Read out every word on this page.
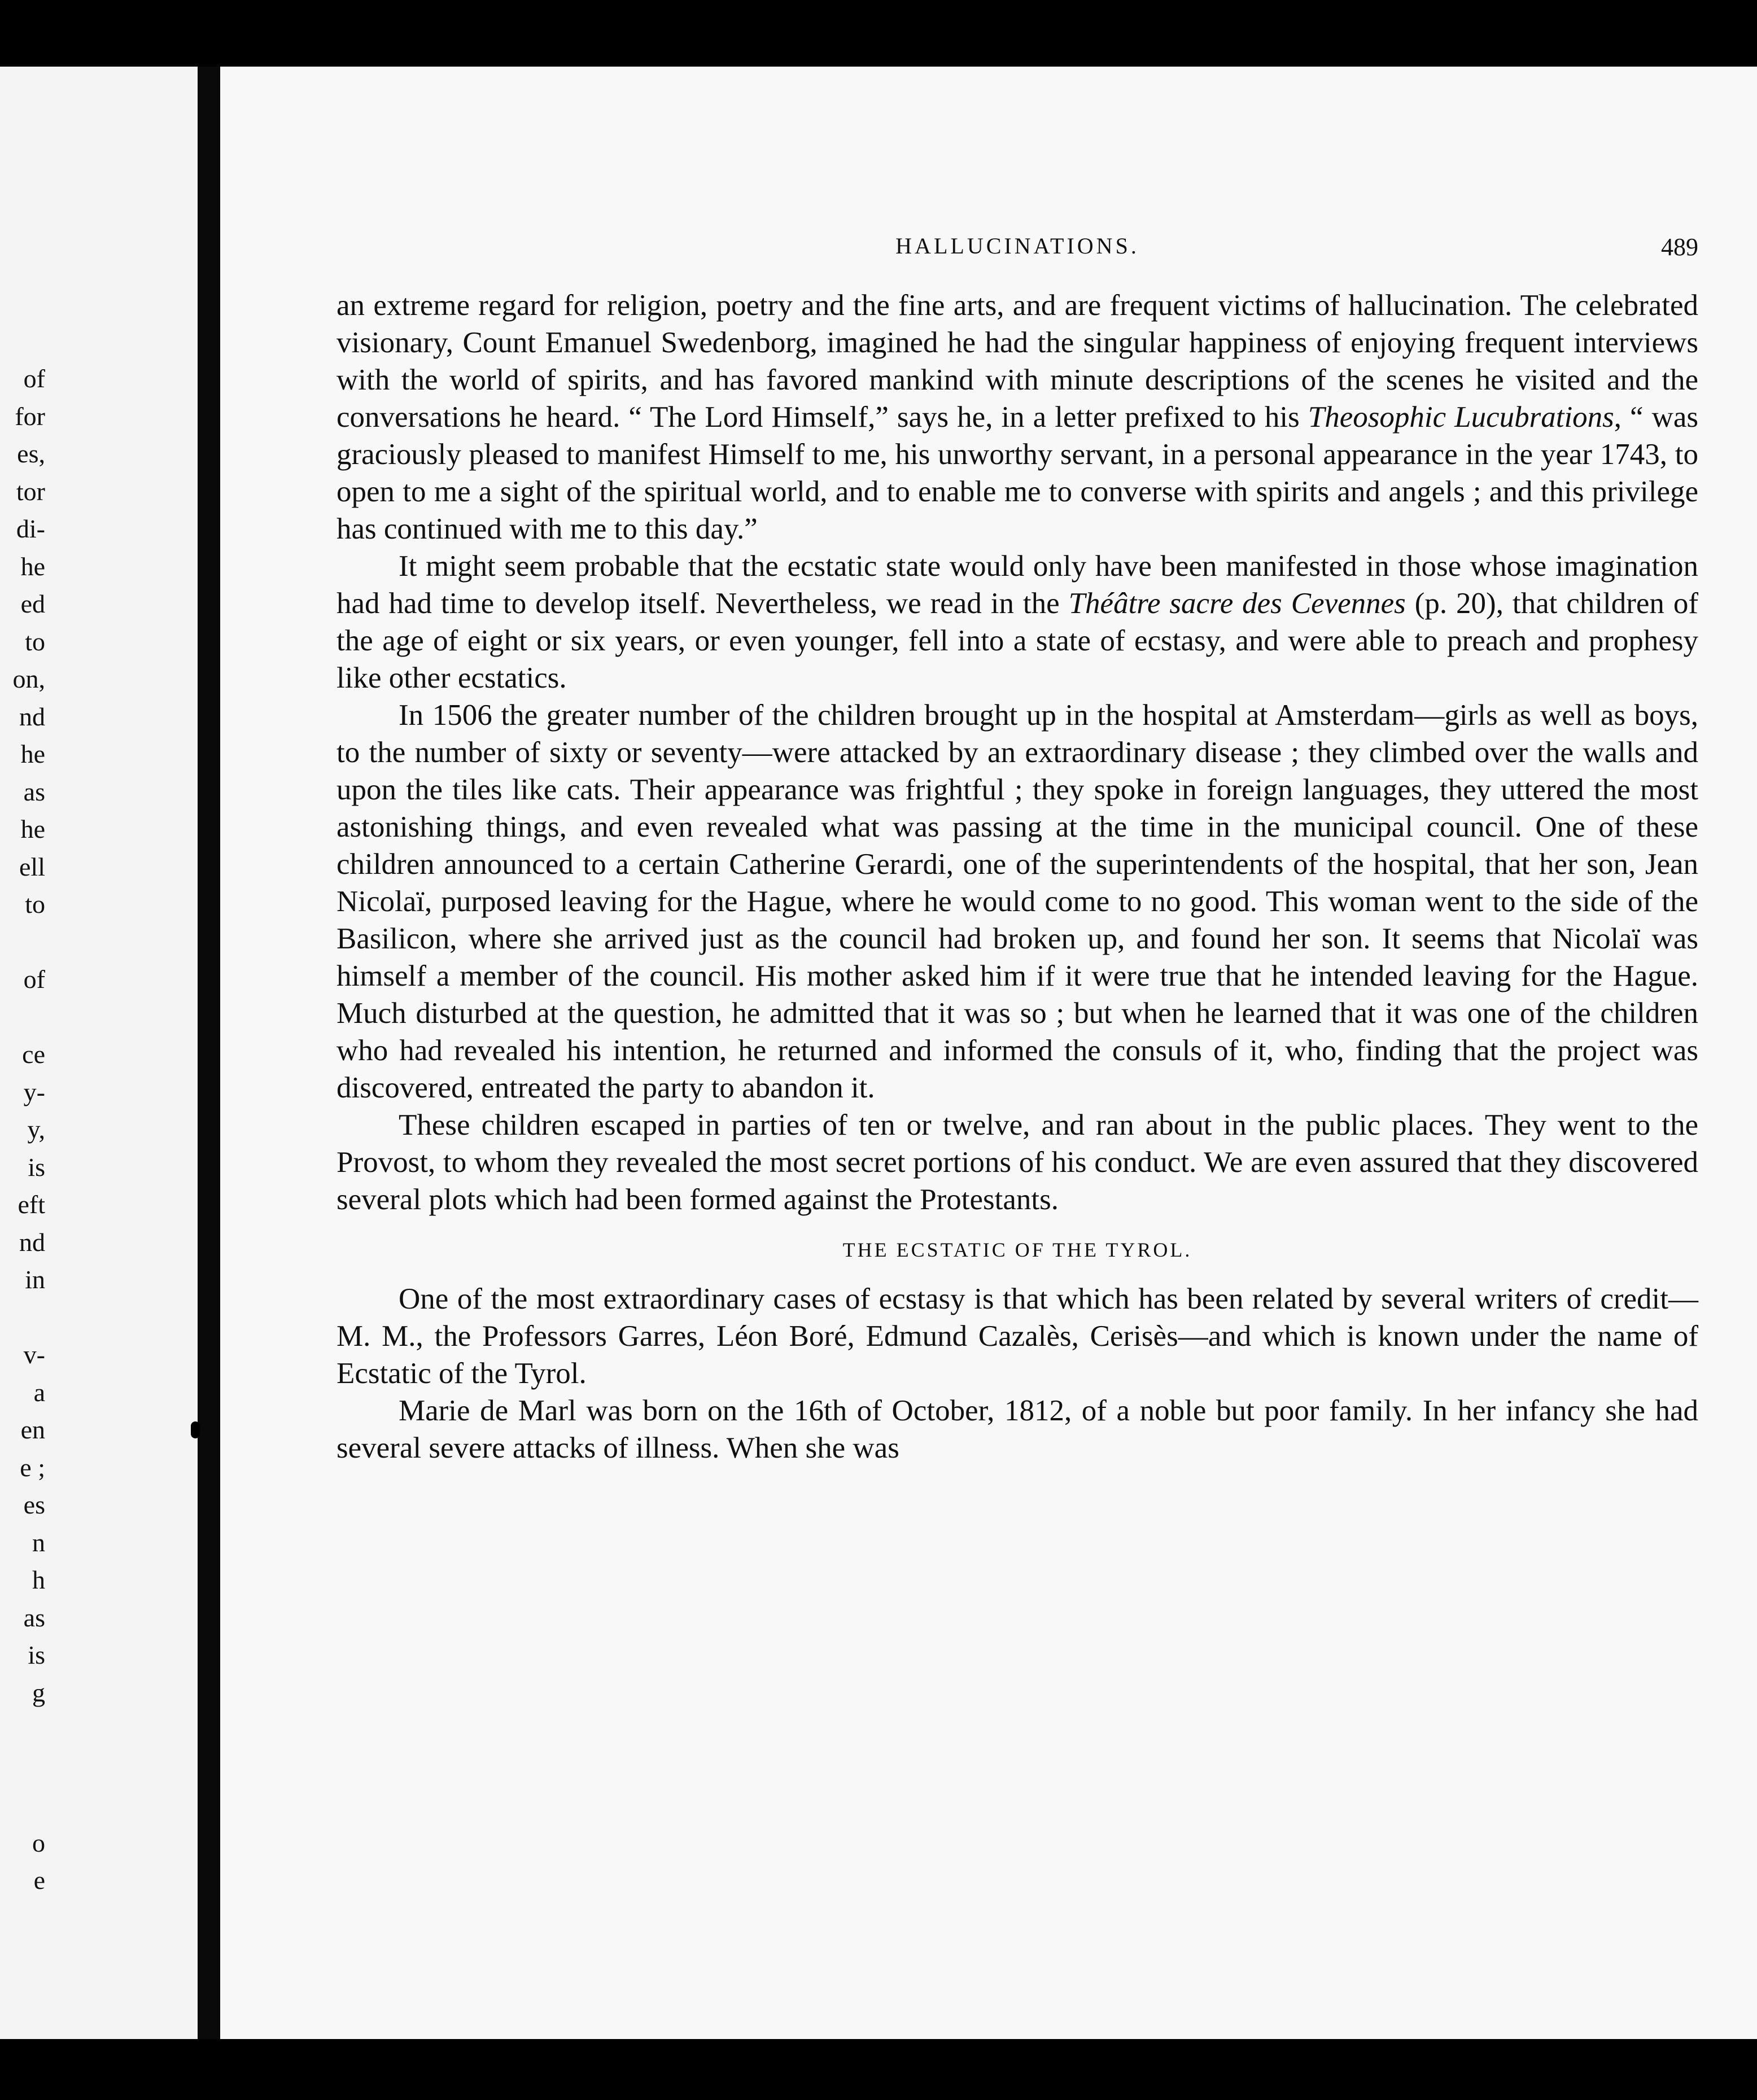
of
for
es,
tor
di-
he
ed
to
on,
nd
he
as
he
ell
to
of
ce
y-
y,
is
eft
nd
in
v-
a
en
e ;
es
n
h
as
is
g
o
e
HALLUCINATIONS.	489

an extreme regard for religion, poetry and the fine arts, and are frequent victims of hallucination. The celebrated visionary, Count Emanuel Swedenborg, imagined he had the singular happiness of enjoying frequent interviews with the world of spirits, and has favored mankind with minute descriptions of the scenes he visited and the conversations he heard. “ The Lord Himself,” says he, in a letter prefixed to his Theosophic Lucubrations, “ was graciously pleased to manifest Himself to me, his unworthy servant, in a personal appearance in the year 1743, to open to me a sight of the spiritual world, and to enable me to converse with spirits and angels ; and this privilege has continued with me to this day.”

It might seem probable that the ecstatic state would only have been manifested in those whose imagination had had time to develop itself. Nevertheless, we read in the Théâtre sacre des Cevennes (p. 20), that children of the age of eight or six years, or even younger, fell into a state of ecstasy, and were able to preach and prophesy like other ecstatics.

In 1506 the greater number of the children brought up in the hospital at Amsterdam—girls as well as boys, to the number of sixty or seventy—were attacked by an extraordinary disease ; they climbed over the walls and upon the tiles like cats. Their appearance was frightful ; they spoke in foreign languages, they uttered the most astonishing things, and even revealed what was passing at the time in the municipal council. One of these children announced to a certain Catherine Gerardi, one of the superintendents of the hospital, that her son, Jean Nicolaï, purposed leaving for the Hague, where he would come to no good. This woman went to the side of the Basilicon, where she arrived just as the council had broken up, and found her son. It seems that Nicolaï was himself a member of the council. His mother asked him if it were true that he intended leaving for the Hague. Much disturbed at the question, he admitted that it was so ; but when he learned that it was one of the children who had revealed his intention, he returned and informed the consuls of it, who, finding that the project was discovered, entreated the party to abandon it.

These children escaped in parties of ten or twelve, and ran about in the public places. They went to the Provost, to whom they revealed the most secret portions of his conduct. We are even assured that they discovered several plots which had been formed against the Protestants.

THE ECSTATIC OF THE TYROL.

One of the most extraordinary cases of ecstasy is that which has been related by several writers of credit—M. M., the Professors Garres, Léon Boré, Edmund Cazalès, Cerisès—and which is known under the name of Ecstatic of the Tyrol.

Marie de Marl was born on the 16th of October, 1812, of a noble but poor family. In her infancy she had several severe attacks of illness. When she was
